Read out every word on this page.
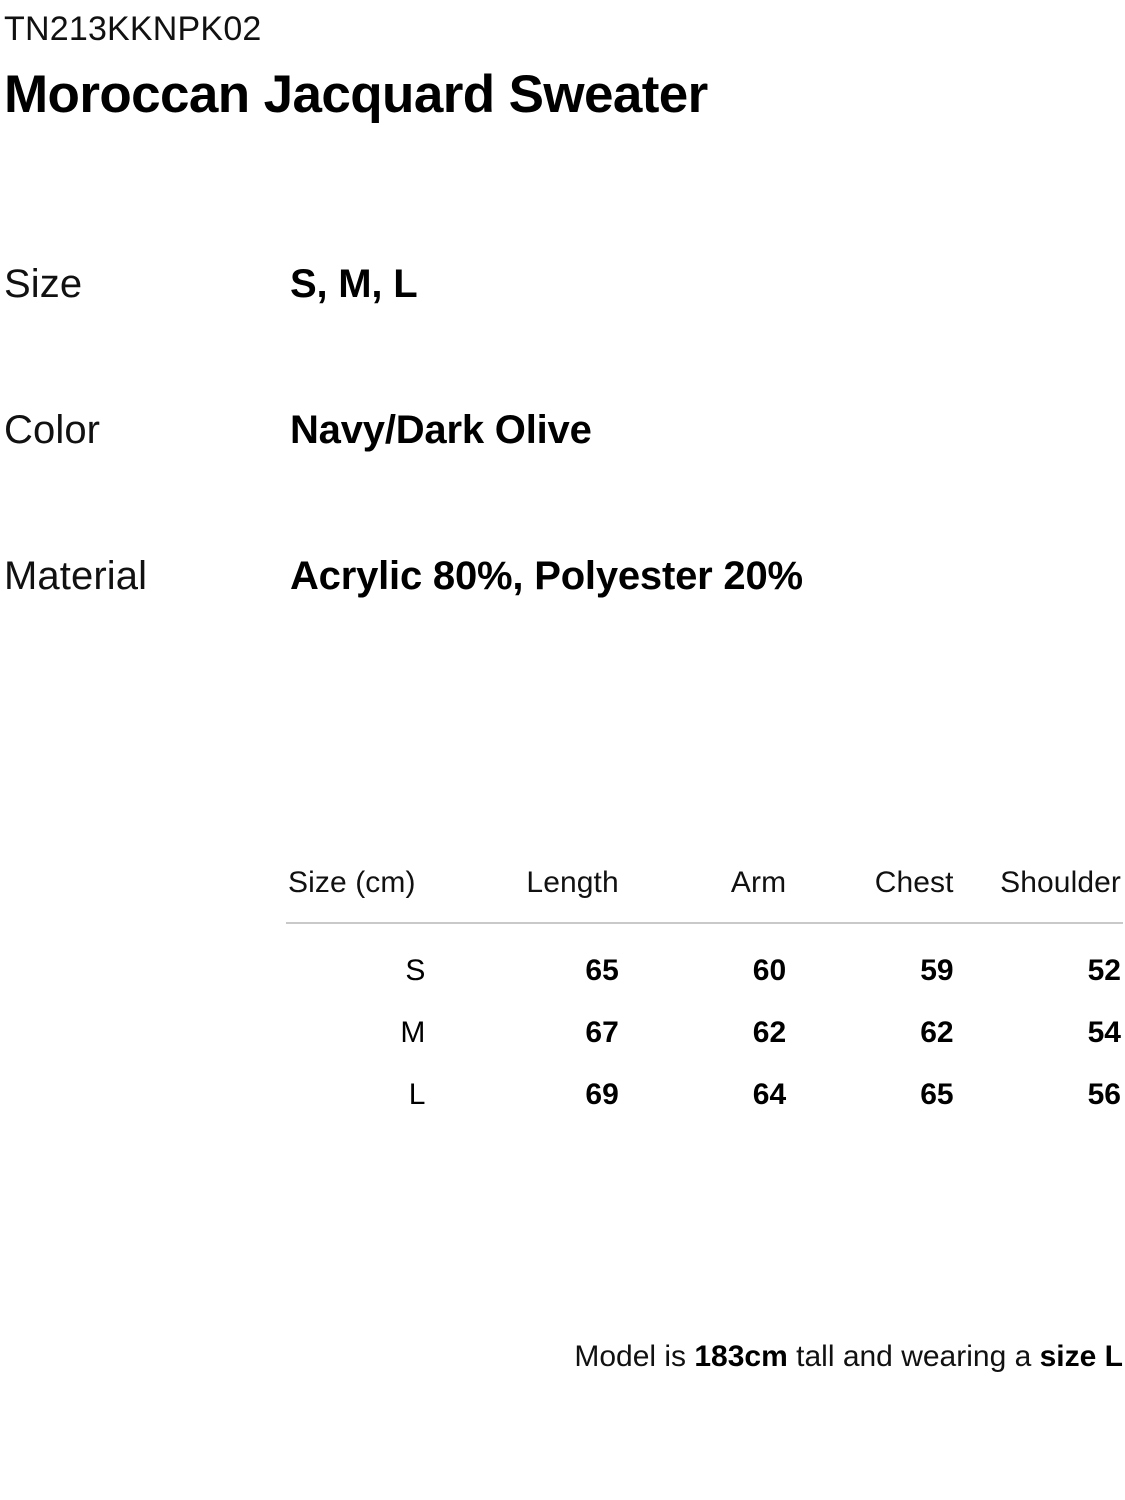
TN213KKNPK02
Moroccan Jacquard Sweater
Size	S, M, L
Color	Navy/Dark Olive
Material	Acrylic 80%, Polyester 20%
Size (cm)	Length	Arm	Chest	Shoulder
S	65	60	59	52
M	67	62	62	54
L	69	64	65	56
Model is 183cm tall and wearing a size L
